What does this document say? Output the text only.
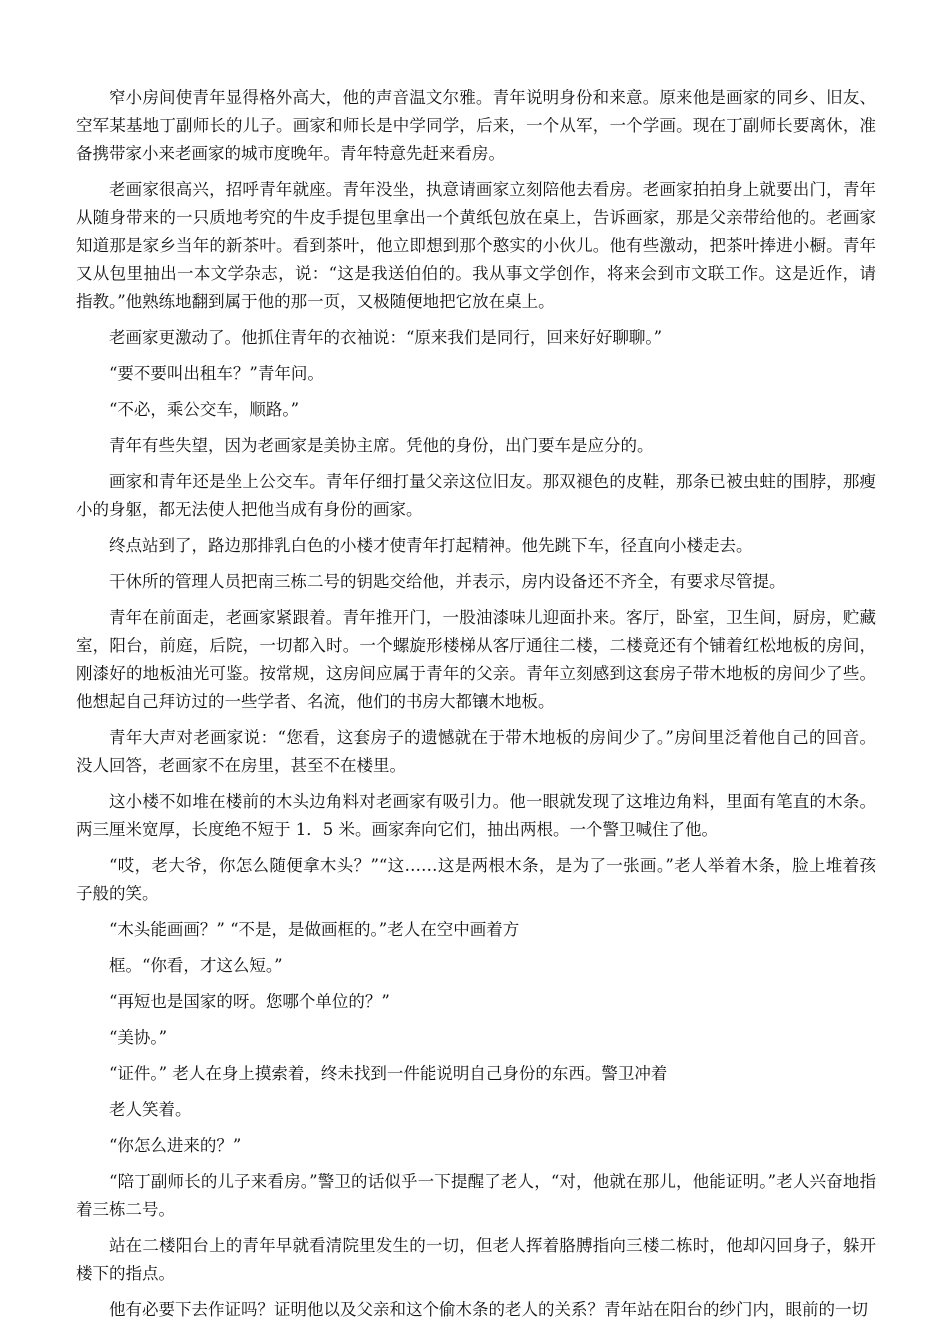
窄小房间使青年显得格外高大，他的声音温文尔雅。青年说明身份和来意。原来他是画家的同乡、旧友、空军某基地丁副师长的儿子。画家和师长是中学同学，后来，一个从军，一个学画。现在丁副师长要离休，准备携带家小来老画家的城市度晚年。青年特意先赶来看房。

老画家很高兴，招呼青年就座。青年没坐，执意请画家立刻陪他去看房。老画家拍拍身上就要出门，青年从随身带来的一只质地考究的牛皮手提包里拿出一个黄纸包放在桌上，告诉画家，那是父亲带给他的。老画家知道那是家乡当年的新茶叶。看到茶叶，他立即想到那个憨实的小伙儿。他有些激动，把茶叶捧进小橱。青年又从包里抽出一本文学杂志，说：“这是我送伯伯的。我从事文学创作，将来会到市文联工作。这是近作，请指教。”他熟练地翻到属于他的那一页，又极随便地把它放在桌上。

老画家更激动了。他抓住青年的衣袖说：“原来我们是同行，回来好好聊聊。”

“要不要叫出租车？”青年问。

“不必，乘公交车，顺路。”

青年有些失望，因为老画家是美协主席。凭他的身份，出门要车是应分的。

画家和青年还是坐上公交车。青年仔细打量父亲这位旧友。那双褪色的皮鞋，那条已被虫蛀的围脖，那瘦小的身躯，都无法使人把他当成有身份的画家。

终点站到了，路边那排乳白色的小楼才使青年打起精神。他先跳下车，径直向小楼走去。

干休所的管理人员把南三栋二号的钥匙交给他，并表示，房内设备还不齐全，有要求尽管提。

青年在前面走，老画家紧跟着。青年推开门，一股油漆味儿迎面扑来。客厅，卧室，卫生间，厨房，贮藏室，阳台，前庭，后院，一切都入时。一个螺旋形楼梯从客厅通往二楼，二楼竟还有个铺着红松地板的房间，刚漆好的地板油光可鉴。按常规，这房间应属于青年的父亲。青年立刻感到这套房子带木地板的房间少了些。他想起自己拜访过的一些学者、名流，他们的书房大都镶木地板。

青年大声对老画家说：“您看，这套房子的遗憾就在于带木地板的房间少了。”房间里泛着他自己的回音。没人回答，老画家不在房里，甚至不在楼里。

这小楼不如堆在楼前的木头边角料对老画家有吸引力。他一眼就发现了这堆边角料，里面有笔直的木条。两三厘米宽厚，长度绝不短于 1．5 米。画家奔向它们，抽出两根。一个警卫喊住了他。

“哎，老大爷，你怎么随便拿木头？”“这……这是两根木条，是为了一张画。”老人举着木条，脸上堆着孩子般的笑。

“木头能画画？” “不是，是做画框的。”老人在空中画着方

框。“你看，才这么短。”

“再短也是国家的呀。您哪个单位的？”

“美协。”

“证件。” 老人在身上摸索着，终未找到一件能说明自己身份的东西。警卫冲着

老人笑着。

“你怎么进来的？”

“陪丁副师长的儿子来看房。”警卫的话似乎一下提醒了老人，“对，他就在那儿，他能证明。”老人兴奋地指着三栋二号。

站在二楼阳台上的青年早就看清院里发生的一切，但老人挥着胳膊指向三楼二栋时，他却闪回身子，躲开楼下的指点。

他有必要下去作证吗？证明他以及父亲和这个偷木条的老人的关系？青年站在阳台的纱门内，眼前的一切
